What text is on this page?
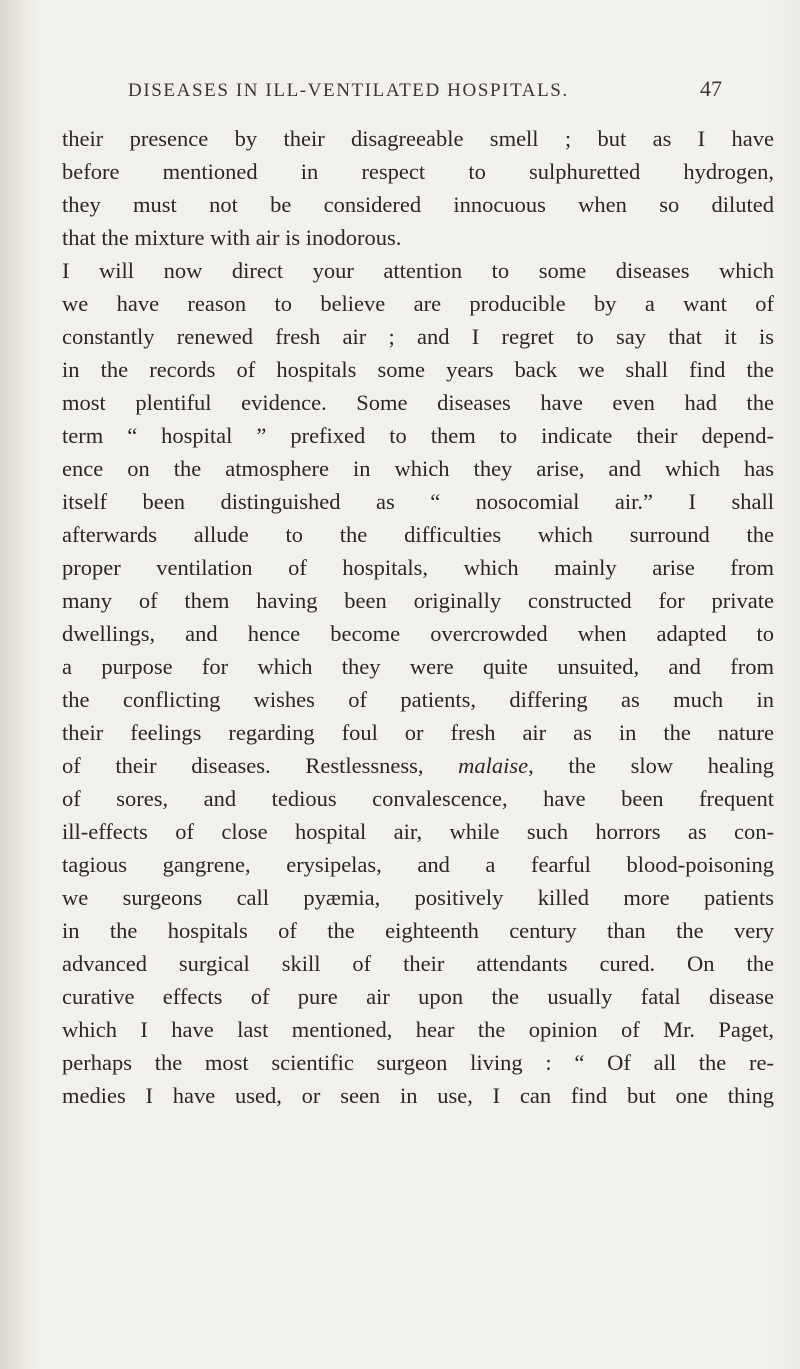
DISEASES IN ILL-VENTILATED HOSPITALS.	47
their presence by their disagreeable smell ; but as I have
before mentioned in respect to sulphuretted hydrogen,
they must not be considered innocuous when so diluted
that the mixture with air is inodorous.
I will now direct your attention to some diseases which
we have reason to believe are producible by a want of
constantly renewed fresh air ; and I regret to say that it is
in the records of hospitals some years back we shall find the
most plentiful evidence. Some diseases have even had the
term “ hospital ” prefixed to them to indicate their depend-
ence on the atmosphere in which they arise, and which has
itself been distinguished as “ nosocomial air.” I shall
afterwards allude to the difficulties which surround the
proper ventilation of hospitals, which mainly arise from
many of them having been originally constructed for private
dwellings, and hence become overcrowded when adapted to
a purpose for which they were quite unsuited, and from
the conflicting wishes of patients, differing as much in
their feelings regarding foul or fresh air as in the nature
of their diseases. Restlessness, malaise, the slow healing
of sores, and tedious convalescence, have been frequent
ill-effects of close hospital air, while such horrors as con-
tagious gangrene, erysipelas, and a fearful blood-poisoning
we surgeons call pyæmia, positively killed more patients
in the hospitals of the eighteenth century than the very
advanced surgical skill of their attendants cured. On the
curative effects of pure air upon the usually fatal disease
which I have last mentioned, hear the opinion of Mr. Paget,
perhaps the most scientific surgeon living : “ Of all the re-
medies I have used, or seen in use, I can find but one thing
